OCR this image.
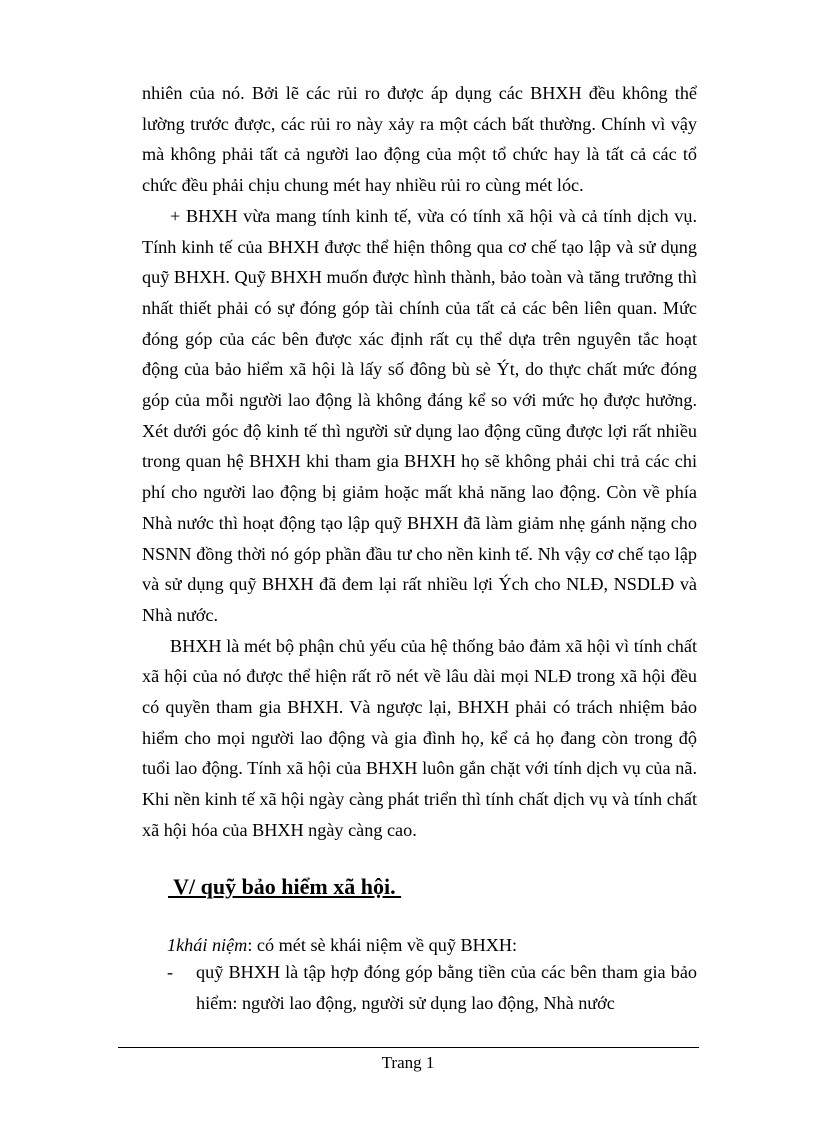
nhiên của nó. Bởi lẽ các rủi ro được áp dụng các BHXH đều không thể lường trước được, các rủi ro này xảy ra một cách bất thường. Chính vì vậy mà không phải tất cả người lao động của một tổ chức hay là tất cả các tổ chức đều phải chịu chung mét hay nhiều rủi ro cùng mét lóc.

+ BHXH vừa mang tính kinh tế, vừa có tính xã hội và cả tính dịch vụ. Tính kinh tế của BHXH được thể hiện thông qua cơ chế tạo lập và sử dụng quỹ BHXH. Quỹ BHXH muốn được hình thành, bảo toàn và tăng trưởng thì nhất thiết phải có sự đóng góp tài chính của tất cả các bên liên quan. Mức đóng góp của các bên được xác định rất cụ thể dựa trên nguyên tắc hoạt động của bảo hiểm xã hội là lấy số đông bù sè Ýt, do thực chất mức đóng góp của mỗi người lao động là không đáng kể so với mức họ được hưởng. Xét dưới góc độ kinh tế thì người sử dụng lao động cũng được lợi rất nhiều trong quan hệ BHXH khi tham gia BHXH họ sẽ không phải chi trả các chi phí cho người lao động bị giảm hoặc mất khả năng lao động. Còn về phía Nhà nước thì hoạt động tạo lập quỹ BHXH đã làm giảm nhẹ gánh nặng cho NSNN đồng thời nó góp phần đầu tư cho nền kinh tế. Nh vậy cơ chế tạo lập và sử dụng quỹ BHXH đã đem lại rất nhiều lợi Ých cho NLĐ, NSDLĐ và Nhà nước.

BHXH là mét bộ phận chủ yếu của hệ thống bảo đảm xã hội vì tính chất xã hội của nó được thể hiện rất rõ nét về lâu dài mọi NLĐ trong xã hội đều có quyền tham gia BHXH. Và ngược lại, BHXH phải có trách nhiệm bảo hiểm cho mọi người lao động và gia đình họ, kể cả họ đang còn trong độ tuổi lao động. Tính xã hội của BHXH luôn gắn chặt với tính dịch vụ của nã. Khi nền kinh tế xã hội ngày càng phát triển thì tính chất dịch vụ và tính chất xã hội hóa của BHXH ngày càng cao.

V/ quỹ bảo hiểm xã hội.
1khái niệm: có mét sè khái niệm về quỹ BHXH:
- quỹ BHXH là tập hợp đóng góp bằng tiền của các bên tham gia bảo hiểm: người lao động, người sử dụng lao động, Nhà nước
Trang 1
